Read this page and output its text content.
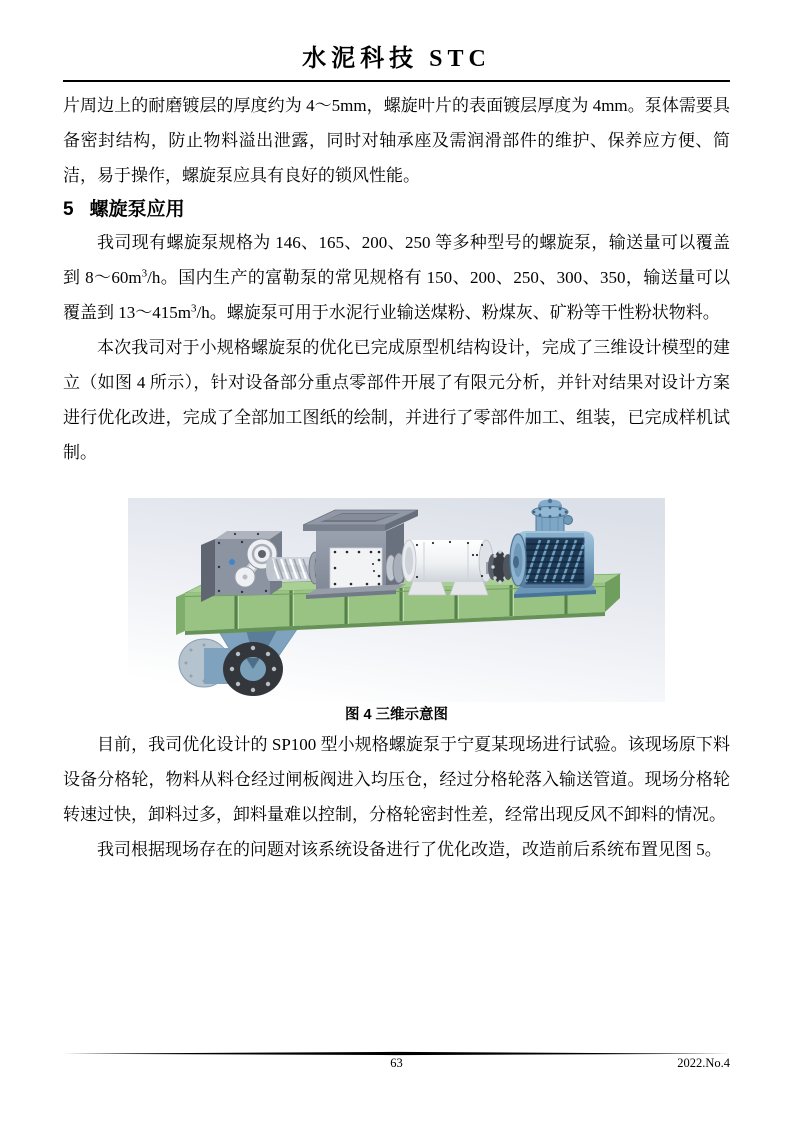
水泥科技 STC

片周边上的耐磨镀层的厚度约为 4～5mm，螺旋叶片的表面镀层厚度为 4mm。泵体需要具备密封结构，防止物料溢出泄露，同时对轴承座及需润滑部件的维护、保养应方便、简洁，易于操作，螺旋泵应具有良好的锁风性能。

5 螺旋泵应用

我司现有螺旋泵规格为 146、165、200、250 等多种型号的螺旋泵，输送量可以覆盖到 $8\sim 60m^3/h$。国内生产的富勒泵的常见规格有 150、200、250、300、350，输送量可以覆盖到 $13\sim 415m^3/h$。螺旋泵可用于水泥行业输送煤粉、粉煤灰、矿粉等干性粉状物料。

本次我司对于小规格螺旋泵的优化已完成原型机结构设计，完成了三维设计模型的建立（如图 4 所示），针对设备部分重点零部件开展了有限元分析，并针对结果对设计方案进行优化改进，完成了全部加工图纸的绘制，并进行了零部件加工、组装，已完成样机试制。

图 4 三维示意图

目前，我司优化设计的 SP100 型小规格螺旋泵于宁夏某现场进行试验。该现场原下料设备分格轮，物料从料仓经过闸板阀进入均压仓，经过分格轮落入输送管道。现场分格轮转速过快，卸料过多，卸料量难以控制，分格轮密封性差，经常出现反风不卸料的情况。

我司根据现场存在的问题对该系统设备进行了优化改造，改造前后系统布置见图 5。

63	2022.No.4
